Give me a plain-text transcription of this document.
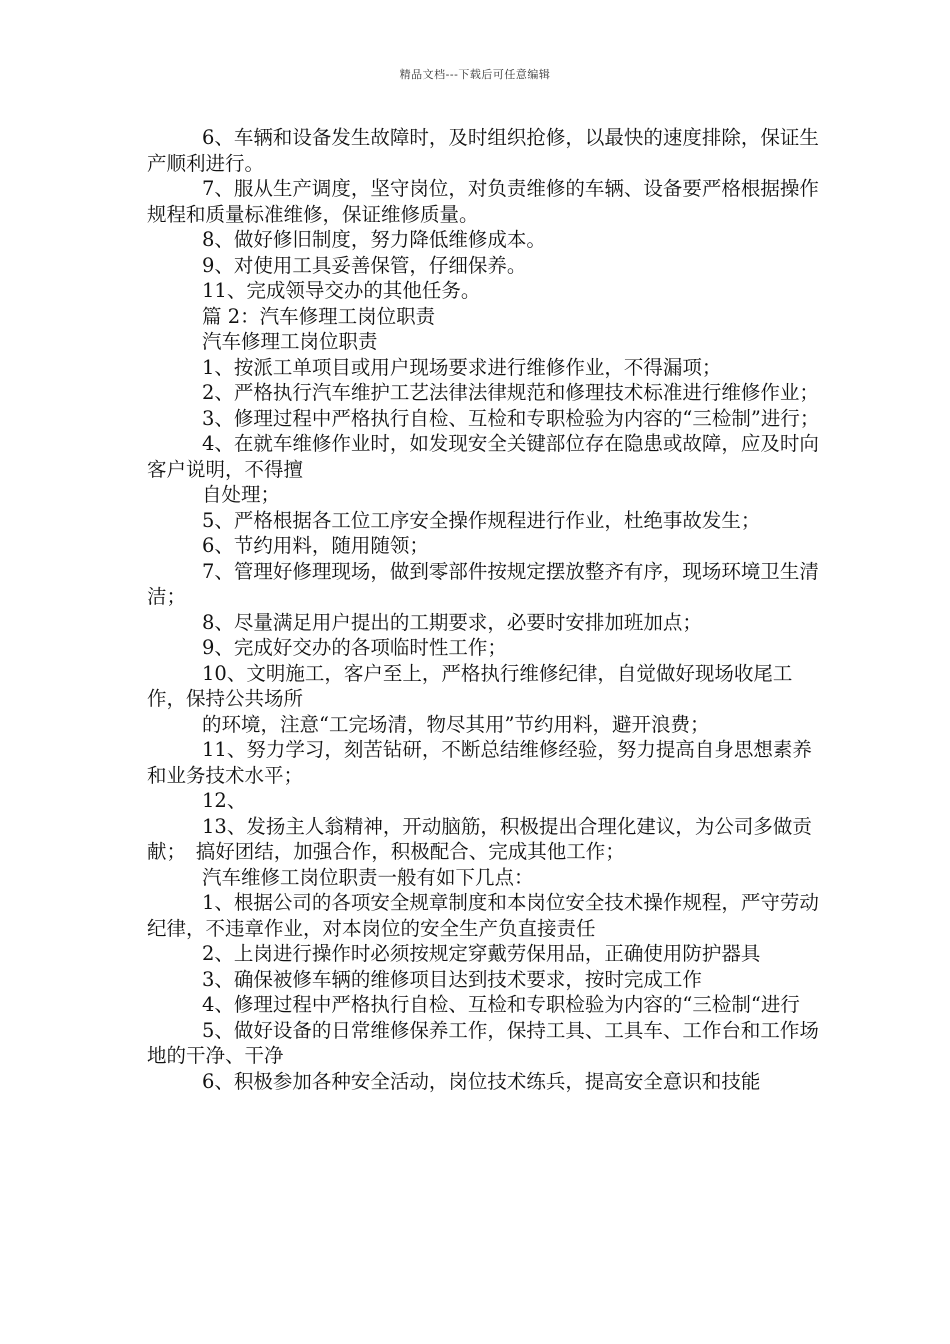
精品文档---下载后可任意编辑

6、车辆和设备发生故障时，及时组织抢修，以最快的速度排除，保证生产顺利进行。

7、服从生产调度，坚守岗位，对负责维修的车辆、设备要严格根据操作规程和质量标准维修，保证维修质量。

8、做好修旧制度，努力降低维修成本。

9、对使用工具妥善保管，仔细保养。

11、完成领导交办的其他任务。

篇 2：汽车修理工岗位职责

汽车修理工岗位职责

1、按派工单项目或用户现场要求进行维修作业，不得漏项；

2、严格执行汽车维护工艺法律法律规范和修理技术标准进行维修作业；

3、修理过程中严格执行自检、互检和专职检验为内容的“三检制”进行；

4、在就车维修作业时，如发现安全关键部位存在隐患或故障，应及时向客户说明，不得擅

自处理；

5、严格根据各工位工序安全操作规程进行作业，杜绝事故发生；

6、节约用料，随用随领；

7、管理好修理现场，做到零部件按规定摆放整齐有序，现场环境卫生清洁；

8、尽量满足用户提出的工期要求，必要时安排加班加点；

9、完成好交办的各项临时性工作；

10、文明施工，客户至上，严格执行维修纪律，自觉做好现场收尾工作，保持公共场所

的环境，注意“工完场清，物尽其用”节约用料，避开浪费；

11、努力学习，刻苦钻研，不断总结维修经验，努力提高自身思想素养和业务技术水平；

12、

13、发扬主人翁精神，开动脑筋，积极提出合理化建议，为公司多做贡献；　搞好团结，加强合作，积极配合、完成其他工作；

汽车维修工岗位职责一般有如下几点：

1、根据公司的各项安全规章制度和本岗位安全技术操作规程，严守劳动纪律，不违章作业，对本岗位的安全生产负直接责任

2、上岗进行操作时必须按规定穿戴劳保用品，正确使用防护器具

3、确保被修车辆的维修项目达到技术要求，按时完成工作

4、修理过程中严格执行自检、互检和专职检验为内容的“三检制“进行

5、做好设备的日常维修保养工作，保持工具、工具车、工作台和工作场地的干净、干净

6、积极参加各种安全活动，岗位技术练兵，提高安全意识和技能
